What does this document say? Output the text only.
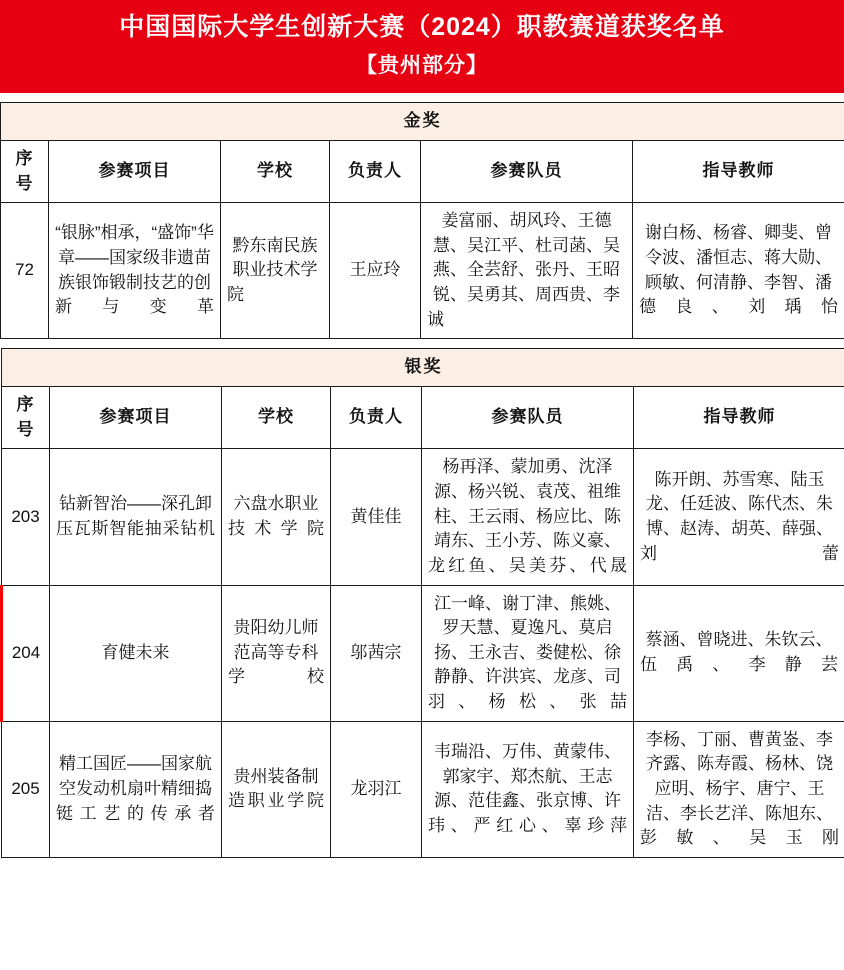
中国国际大学生创新大赛（2024）职教赛道获奖名单
【贵州部分】
金奖					
序号	参赛项目	学校	负责人	参赛队员	指导教师
72	“银脉”相承，“盛饰”华章——国家级非遗苗族银饰锻制技艺的创新与变革	黔东南民族职业技术学院	王应玲	姜富丽、胡风玲、王德慧、吴江平、杜司菡、吴燕、全芸舒、张丹、王昭锐、吴勇其、周西贵、李诚	谢白杨、杨睿、卿斐、曾令波、潘恒志、蒋大勋、顾敏、何清静、李智、潘德良、刘瑀怡
银奖					
序号	参赛项目	学校	负责人	参赛队员	指导教师
203	钻新智治——深孔卸压瓦斯智能抽采钻机	六盘水职业技术学院	黄佳佳	杨再泽、蒙加勇、沈泽源、杨兴锐、袁茂、祖维柱、王云雨、杨应比、陈靖东、王小芳、陈义豪、龙红鱼、吴美芬、代晟	陈开朗、苏雪寒、陆玉龙、任廷波、陈代杰、朱博、赵涛、胡英、薛强、刘蕾
204	育健未来	贵阳幼儿师范高等专科学校	邬茜宗	江一峰、谢丁津、熊姚、罗天慧、夏逸凡、莫启扬、王永吉、娄健松、徐静静、许洪宾、龙彦、司羽、杨松、张喆	蔡涵、曾晓进、朱钦云、伍禹、李静芸
205	精工国匠——国家航空发动机扇叶精细捣铤工艺的传承者	贵州装备制造职业学院	龙羽江	韦瑞沿、万伟、黄蒙伟、郭家宇、郑杰航、王志源、范佳鑫、张京博、许玮、严红心、辜珍萍	李杨、丁丽、曹黄崟、李齐露、陈寿霞、杨林、饶应明、杨宇、唐宁、王洁、李长艺洋、陈旭东、彭敏、吴玉刚
